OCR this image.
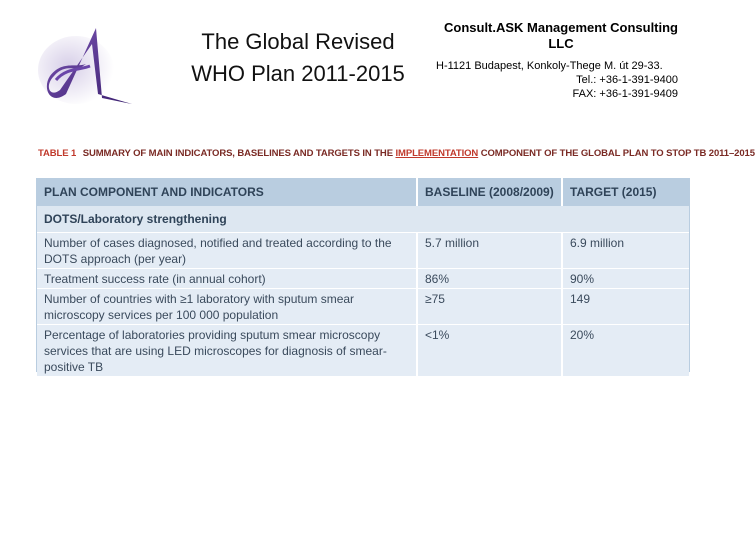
The Global Revised
WHO Plan 2011-2015
Consult.ASK Management Consulting
LLC
H-1121 Budapest, Konkoly-Thege M. út 29-33.
Tel.: +36-1-391-9400
FAX: +36-1-391-9409
TABLE 1 SUMMARY OF MAIN INDICATORS, BASELINES AND TARGETS IN THE IMPLEMENTATION COMPONENT OF THE GLOBAL PLAN TO STOP TB 2011–2015
PLAN COMPONENT AND INDICATORS	BASELINE (2008/2009)	TARGET (2015)
DOTS/Laboratory strengthening		
Number of cases diagnosed, notified and treated according to the DOTS approach (per year)	5.7 million	6.9 million
Treatment success rate (in annual cohort)	86%	90%
Number of countries with ≥1 laboratory with sputum smear microscopy services per 100 000 population	≥75	149
Percentage of laboratories providing sputum smear microscopy services that are using LED microscopes for diagnosis of smear-positive TB	<1%	20%
